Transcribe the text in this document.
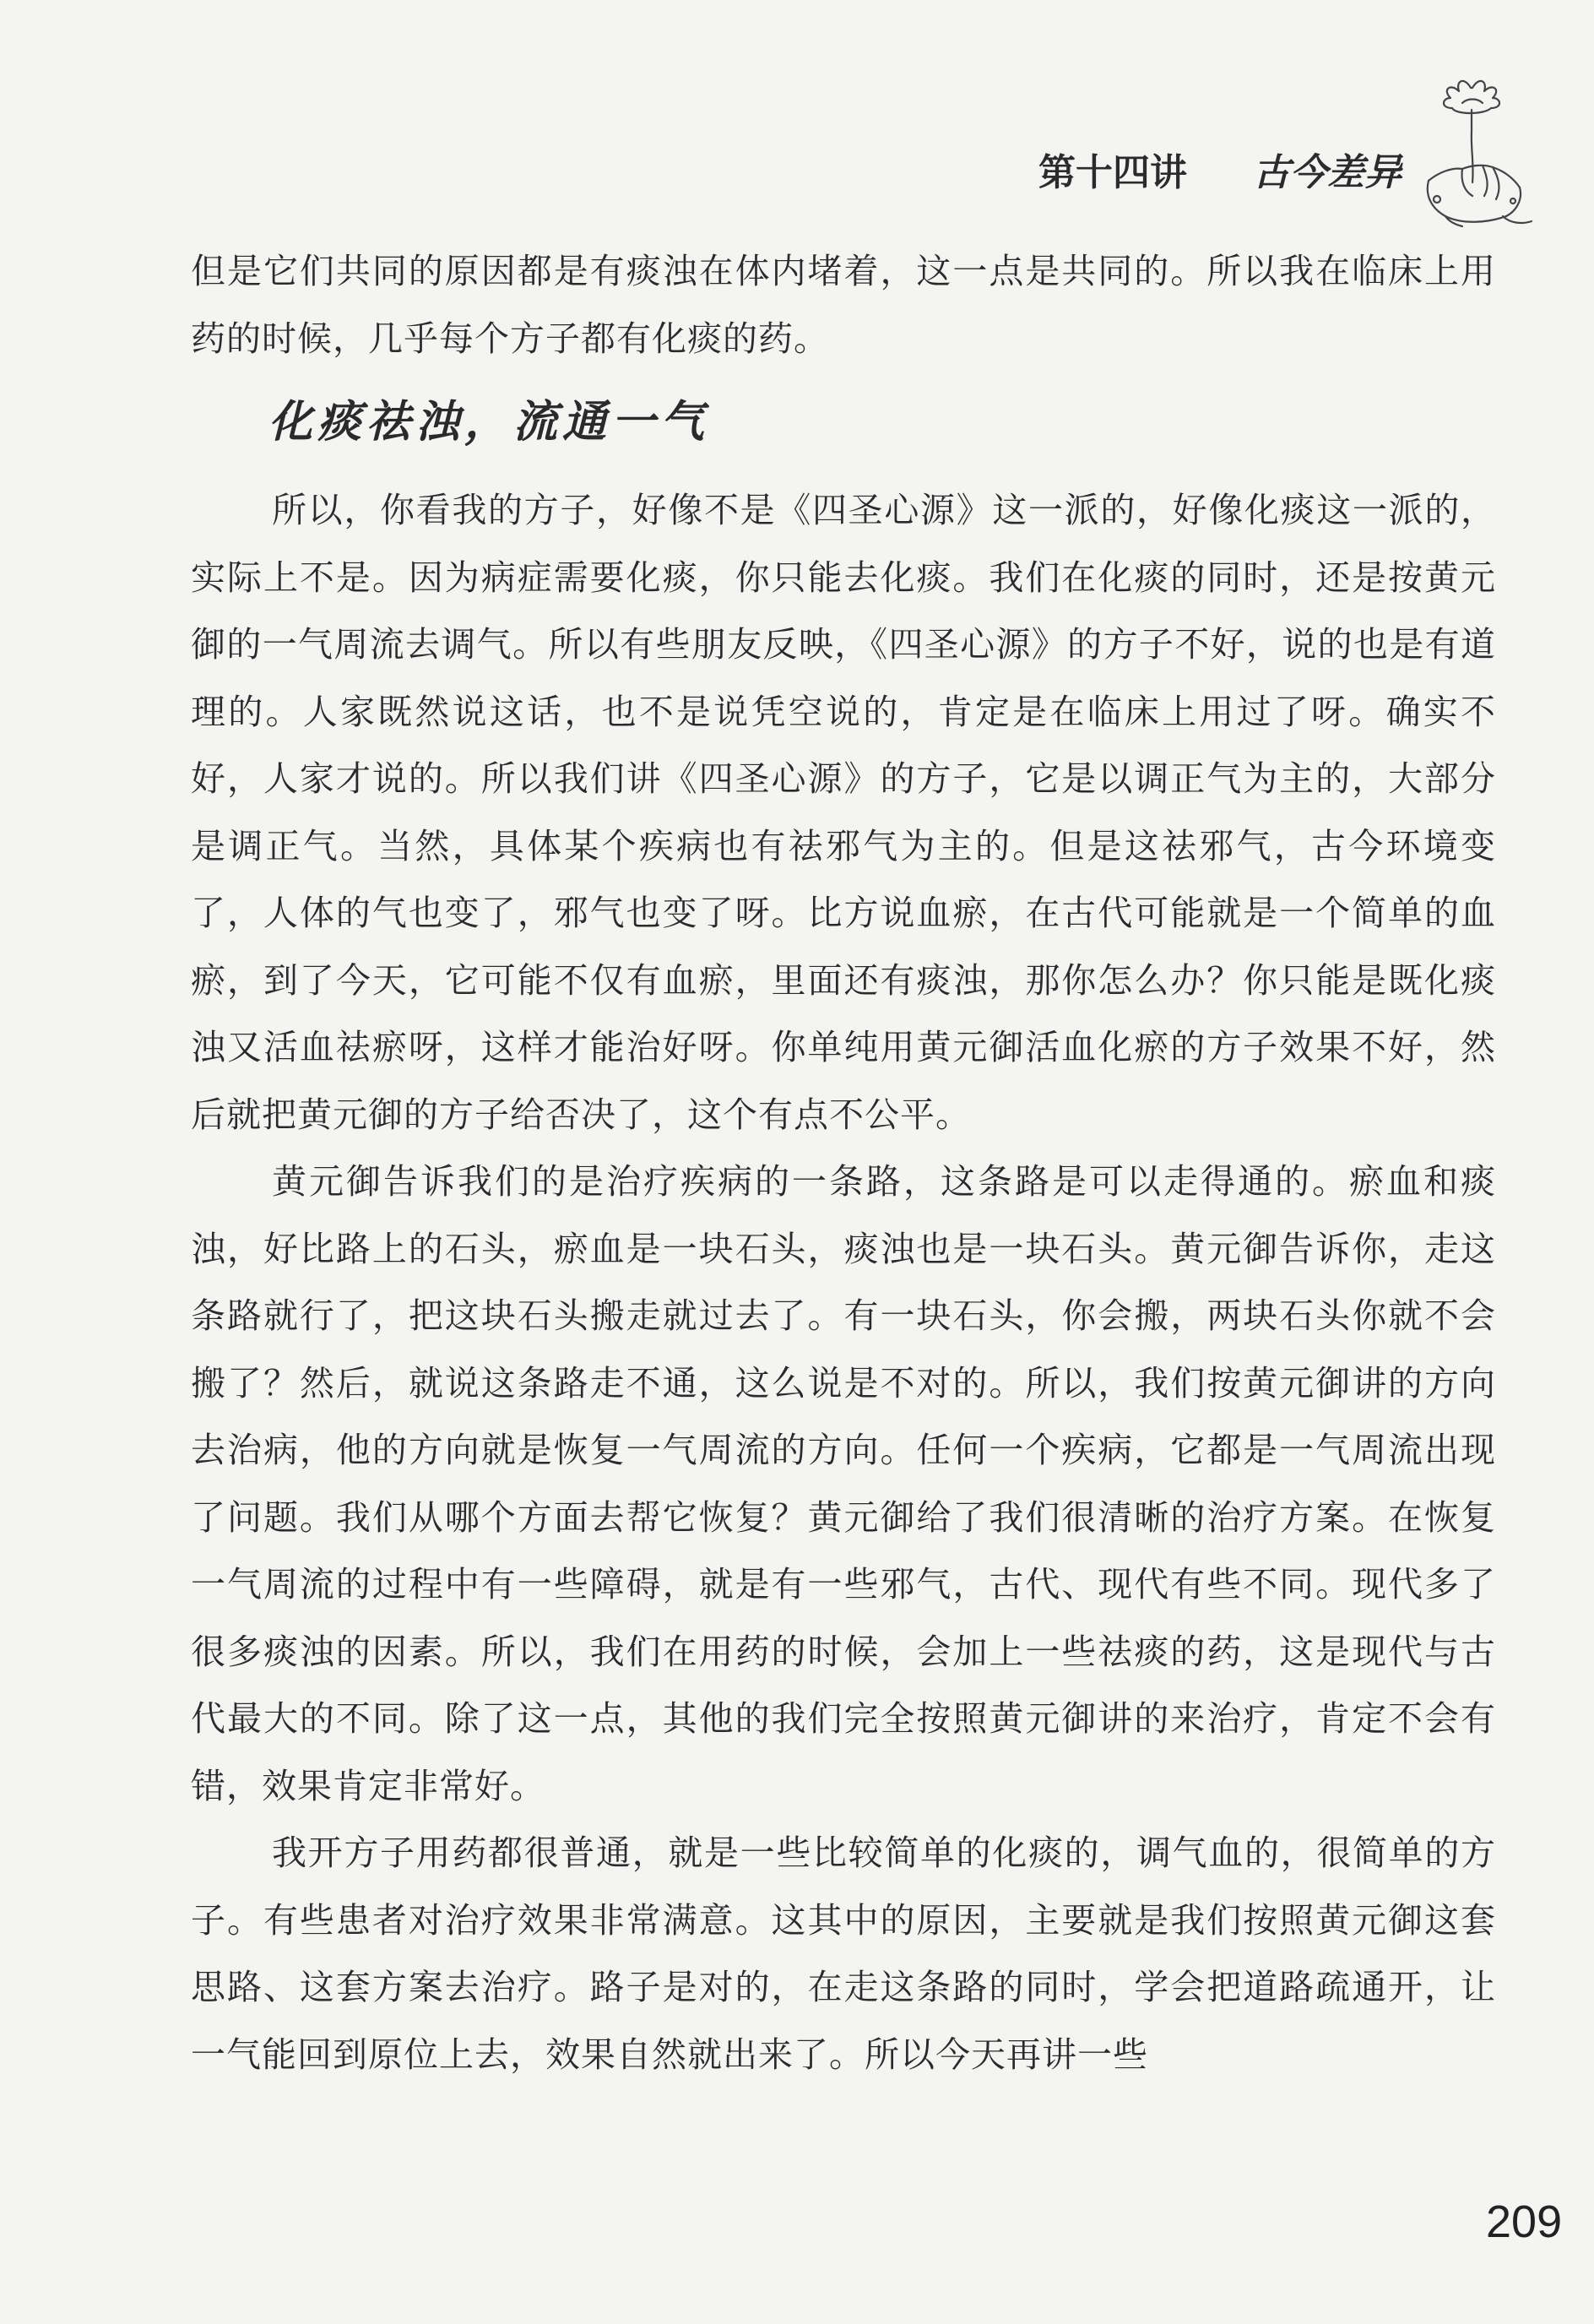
第十四讲 古今差异

但是它们共同的原因都是有痰浊在体内堵着，这一点是共同的。所以我在临床上用药的时候，几乎每个方子都有化痰的药。

化痰祛浊，流通一气

所以，你看我的方子，好像不是《四圣心源》这一派的，好像化痰这一派的，实际上不是。因为病症需要化痰，你只能去化痰。我们在化痰的同时，还是按黄元御的一气周流去调气。所以有些朋友反映，《四圣心源》的方子不好，说的也是有道理的。人家既然说这话，也不是说凭空说的，肯定是在临床上用过了呀。确实不好，人家才说的。所以我们讲《四圣心源》的方子，它是以调正气为主的，大部分是调正气。当然，具体某个疾病也有祛邪气为主的。但是这祛邪气，古今环境变了，人体的气也变了，邪气也变了呀。比方说血瘀，在古代可能就是一个简单的血瘀，到了今天，它可能不仅有血瘀，里面还有痰浊，那你怎么办？你只能是既化痰浊又活血祛瘀呀，这样才能治好呀。你单纯用黄元御活血化瘀的方子效果不好，然后就把黄元御的方子给否决了，这个有点不公平。

黄元御告诉我们的是治疗疾病的一条路，这条路是可以走得通的。瘀血和痰浊，好比路上的石头，瘀血是一块石头，痰浊也是一块石头。黄元御告诉你，走这条路就行了，把这块石头搬走就过去了。有一块石头，你会搬，两块石头你就不会搬了？然后，就说这条路走不通，这么说是不对的。所以，我们按黄元御讲的方向去治病，他的方向就是恢复一气周流的方向。任何一个疾病，它都是一气周流出现了问题。我们从哪个方面去帮它恢复？黄元御给了我们很清晰的治疗方案。在恢复一气周流的过程中有一些障碍，就是有一些邪气，古代、现代有些不同。现代多了很多痰浊的因素。所以，我们在用药的时候，会加上一些祛痰的药，这是现代与古代最大的不同。除了这一点，其他的我们完全按照黄元御讲的来治疗，肯定不会有错，效果肯定非常好。

我开方子用药都很普通，就是一些比较简单的化痰的，调气血的，很简单的方子。有些患者对治疗效果非常满意。这其中的原因，主要就是我们按照黄元御这套思路、这套方案去治疗。路子是对的，在走这条路的同时，学会把道路疏通开，让一气能回到原位上去，效果自然就出来了。所以今天再讲一些

209
